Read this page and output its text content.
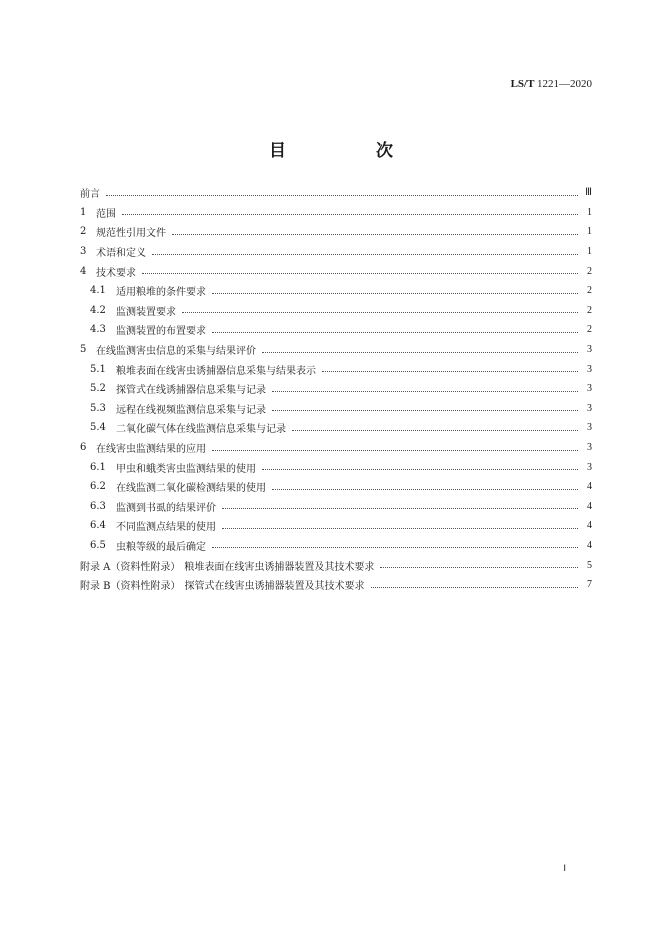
LS/T 1221—2020
目 次
前言	Ⅲ
1 范围	1
2 规范性引用文件	1
3 术语和定义	1
4 技术要求	2
4.1	适用粮堆的条件要求	2
4.2	监测装置要求	2
4.3	监测装置的布置要求	2
5 在线监测害虫信息的采集与结果评价	3
5.1	粮堆表面在线害虫诱捕器信息采集与结果表示	3
5.2	探管式在线诱捕器信息采集与记录	3
5.3	远程在线视频监测信息采集与记录	3
5.4	二氧化碳气体在线监测信息采集与记录	3
6 在线害虫监测结果的应用	3
6.1	甲虫和蛾类害虫监测结果的使用	3
6.2	在线监测二氧化碳检测结果的使用	4
6.3	监测到书虱的结果评价	4
6.4	不同监测点结果的使用	4
6.5	虫粮等级的最后确定	4
附录 A（资料性附录） 粮堆表面在线害虫诱捕器装置及其技术要求	5
附录 B（资料性附录） 探管式在线害虫诱捕器装置及其技术要求	7
Ⅰ
